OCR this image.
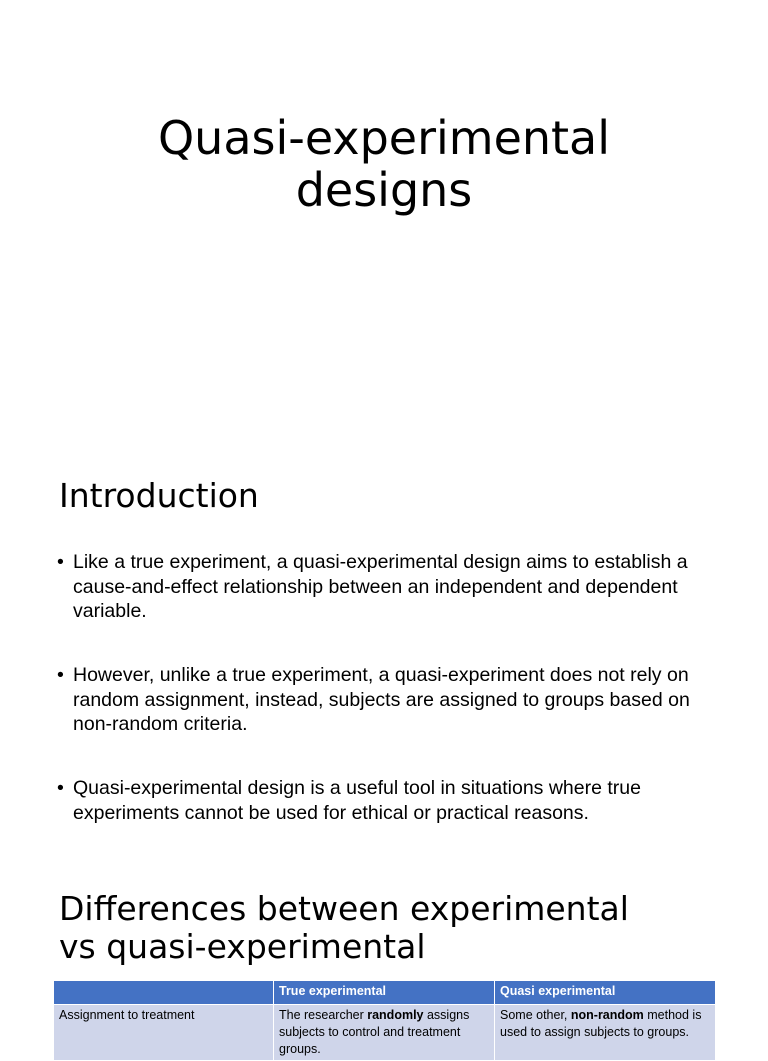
Quasi-experimental
designs
Introduction
• Like a true experiment, a quasi-experimental design aims to establish a cause-and-effect relationship between an independent and dependent variable.
• However, unlike a true experiment, a quasi-experiment does not rely on random assignment, instead, subjects are assigned to groups based on non-random criteria.
• Quasi-experimental design is a useful tool in situations where true experiments cannot be used for ethical or practical reasons.
Differences between experimental
vs quasi-experimental
	True experimental	Quasi experimental
Assignment to treatment	The researcher randomly assigns subjects to control and treatment groups.	Some other, non-random method is used to assign subjects to groups.
